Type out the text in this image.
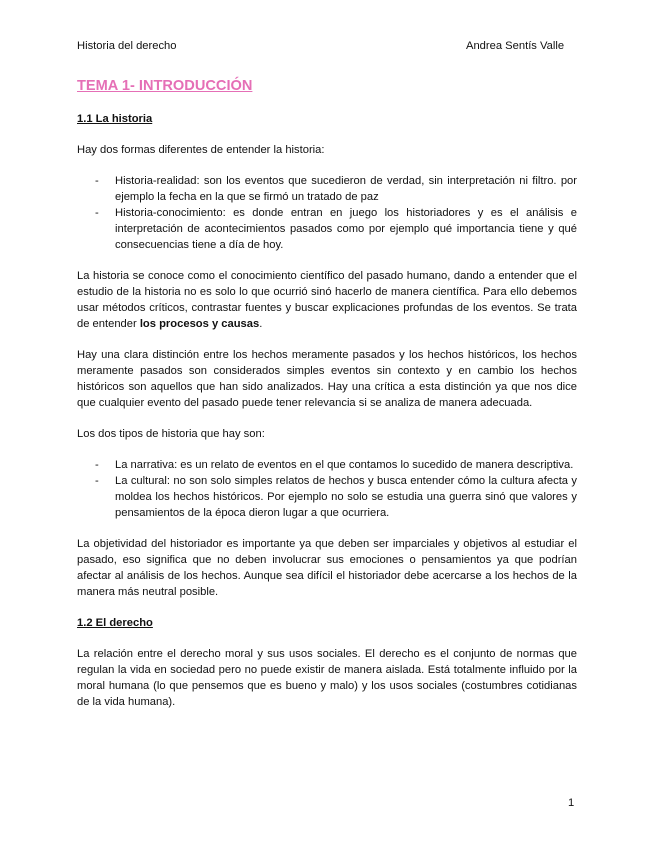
Historia del derecho	Andrea Sentís Valle
TEMA 1- INTRODUCCIÓN
1.1 La historia

Hay dos formas diferentes de entender la historia:

- Historia-realidad: son los eventos que sucedieron de verdad, sin interpretación ni filtro. por ejemplo la fecha en la que se firmó un tratado de paz
- Historia-conocimiento: es donde entran en juego los historiadores y es el análisis e interpretación de acontecimientos pasados como por ejemplo qué importancia tiene y qué consecuencias tiene a día de hoy.

La historia se conoce como el conocimiento científico del pasado humano, dando a entender que el estudio de la historia no es solo lo que ocurrió sinó hacerlo de manera científica. Para ello debemos usar métodos críticos, contrastar fuentes y buscar explicaciones profundas de los eventos. Se trata de entender los procesos y causas.

Hay una clara distinción entre los hechos meramente pasados y los hechos históricos, los hechos meramente pasados son considerados simples eventos sin contexto y en cambio los hechos históricos son aquellos que han sido analizados. Hay una crítica a esta distinción ya que nos dice que cualquier evento del pasado puede tener relevancia si se analiza de manera adecuada.

Los dos tipos de historia que hay son:

- La narrativa: es un relato de eventos en el que contamos lo sucedido de manera descriptiva.
- La cultural: no son solo simples relatos de hechos y busca entender cómo la cultura afecta y moldea los hechos históricos. Por ejemplo no solo se estudia una guerra sinó que valores y pensamientos de la época dieron lugar a que ocurriera.

La objetividad del historiador es importante ya que deben ser imparciales y objetivos al estudiar el pasado, eso significa que no deben involucrar sus emociones o pensamientos ya que podrían afectar al análisis de los hechos. Aunque sea difícil el historiador debe acercarse a los hechos de la manera más neutral posible.

1.2 El derecho

La relación entre el derecho moral y sus usos sociales. El derecho es el conjunto de normas que regulan la vida en sociedad pero no puede existir de manera aislada. Está totalmente influido por la moral humana (lo que pensemos que es bueno y malo) y los usos sociales (costumbres cotidianas de la vida humana).

1
